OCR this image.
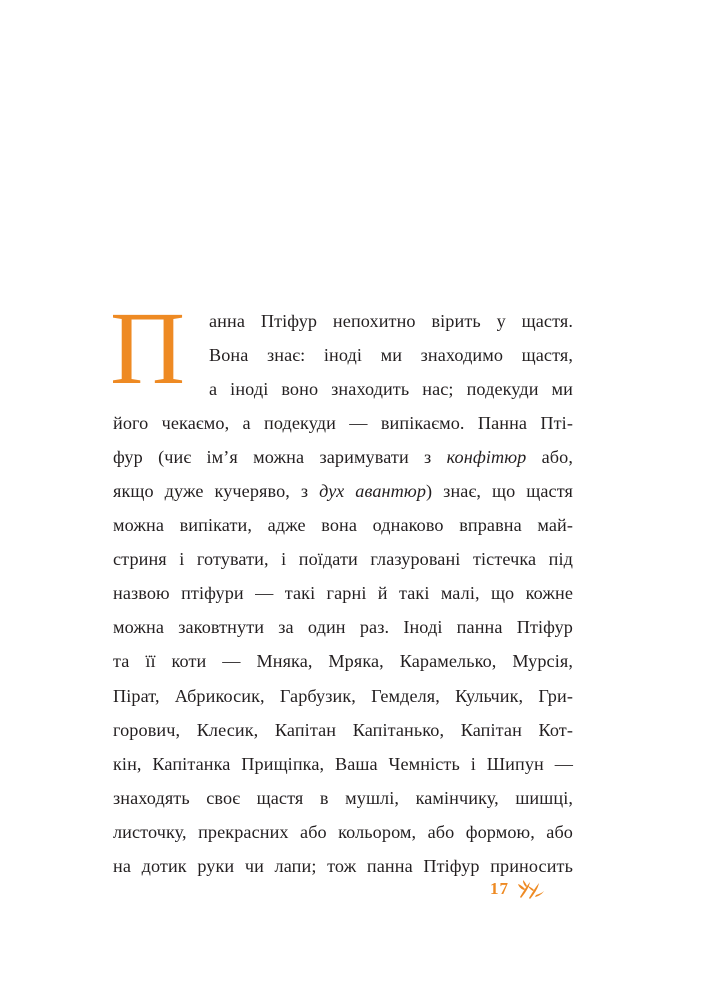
П	анна Птіфур непохитно вірить у щастя.
Вона знає: іноді ми знаходимо щастя,
а іноді воно знаходить нас; подекуди ми
його чекаємо, а подекуди — випікаємо. Панна Пті-
фур (чиє ім’я можна заримувати з конфітюр або,
якщо дуже кучеряво, з дух авантюр) знає, що щастя
можна випікати, адже вона однаково вправна май-
стриня і готувати, і поїдати глазуровані тістечка під
назвою птіфури — такі гарні й такі малі, що кожне
можна заковтнути за один раз. Іноді панна Птіфур
та її коти — Мняка, Мряка, Карамелько, Мурсія,
Пірат, Абрикосик, Гарбузик, Гемделя, Кульчик, Гри-
горович, Клесик, Капітан Капітанько, Капітан Кот-
кін, Капітанка Прищіпка, Ваша Чемність і Шипун —
знаходять своє щастя в мушлі, камінчику, шишці,
листочку, прекрасних або кольором, або формою, або
на дотик руки чи лапи; тож панна Птіфур приносить
17
